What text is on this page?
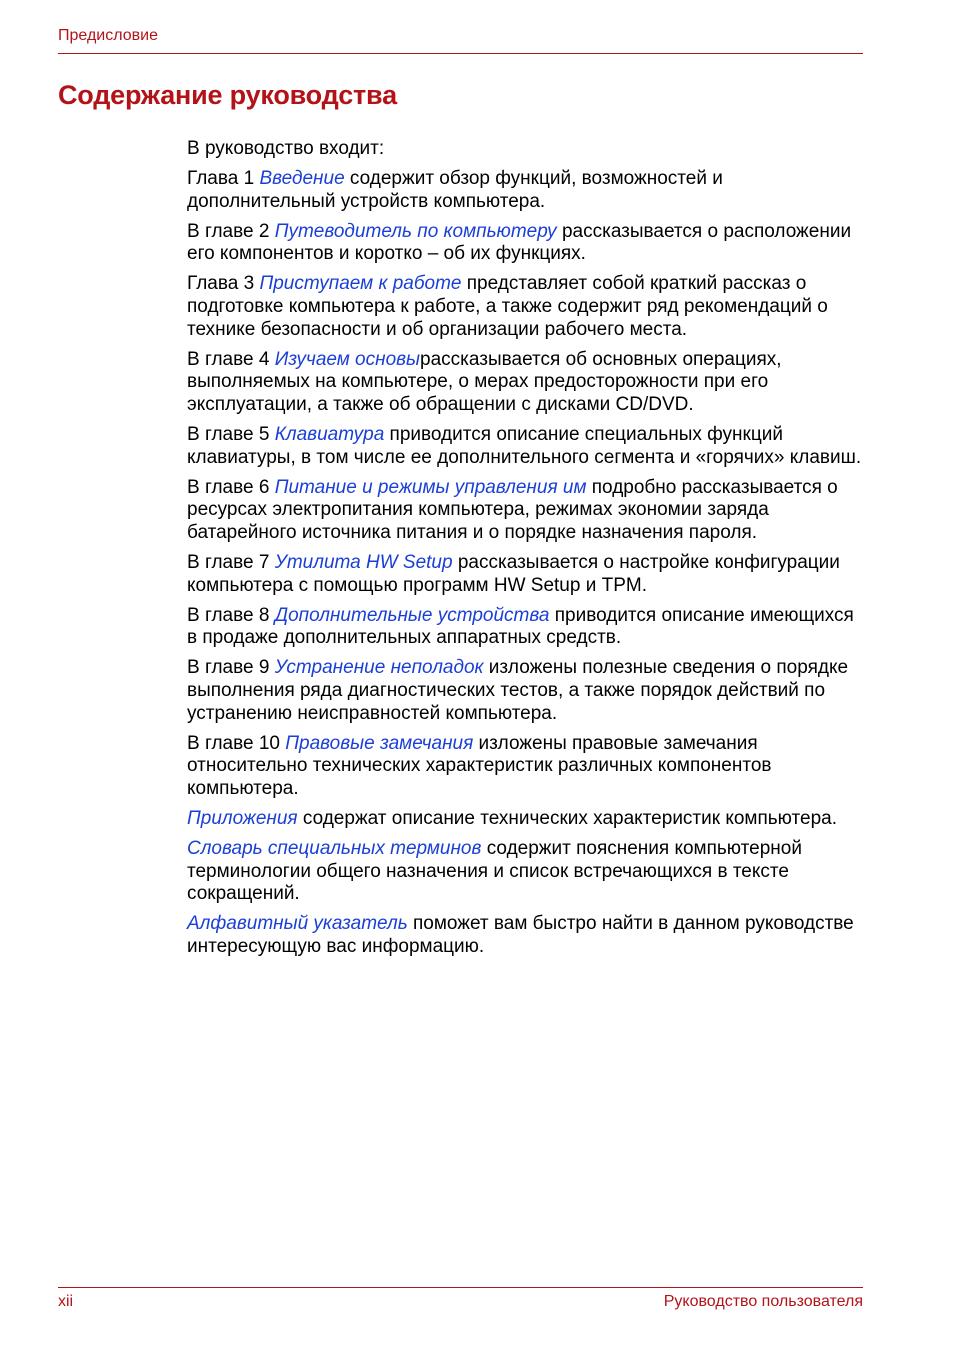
Предисловие
Содержание руководства

В руководство входит:

Глава 1 Введение содержит обзор функций, возможностей и дополнительный устройств компьютера.

В главе 2 Путеводитель по компьютеру рассказывается о расположении его компонентов и коротко – об их функциях.

Глава 3 Приступаем к работе представляет собой краткий рассказ о подготовке компьютера к работе, а также содержит ряд рекомендаций о технике безопасности и об организации рабочего места.

В главе 4 Изучаем основырассказывается об основных операциях, выполняемых на компьютере, о мерах предосторожности при его эксплуатации, а также об обращении с дисками CD/DVD.

В главе 5 Клавиатура приводится описание специальных функций клавиатуры, в том числе ее дополнительного сегмента и «горячих» клавиш.

В главе 6 Питание и режимы управления им подробно рассказывается о ресурсах электропитания компьютера, режимах экономии заряда батарейного источника питания и о порядке назначения пароля.

В главе 7 Утилита HW Setup рассказывается о настройке конфигурации компьютера с помощью программ HW Setup и TPM.

В главе 8 Дополнительные устройства приводится описание имеющихся в продаже дополнительных аппаратных средств.

В главе 9 Устранение неполадок изложены полезные сведения о порядке выполнения ряда диагностических тестов, а также порядок действий по устранению неисправностей компьютера.

В главе 10 Правовые замечания изложены правовые замечания относительно технических характеристик различных компонентов компьютера.

Приложения содержат описание технических характеристик компьютера.

Словарь специальных терминов содержит пояснения компьютерной терминологии общего назначения и список встречающихся в тексте сокращений.

Алфавитный указатель поможет вам быстро найти в данном руководстве интересующую вас информацию.

xii	Руководство пользователя
